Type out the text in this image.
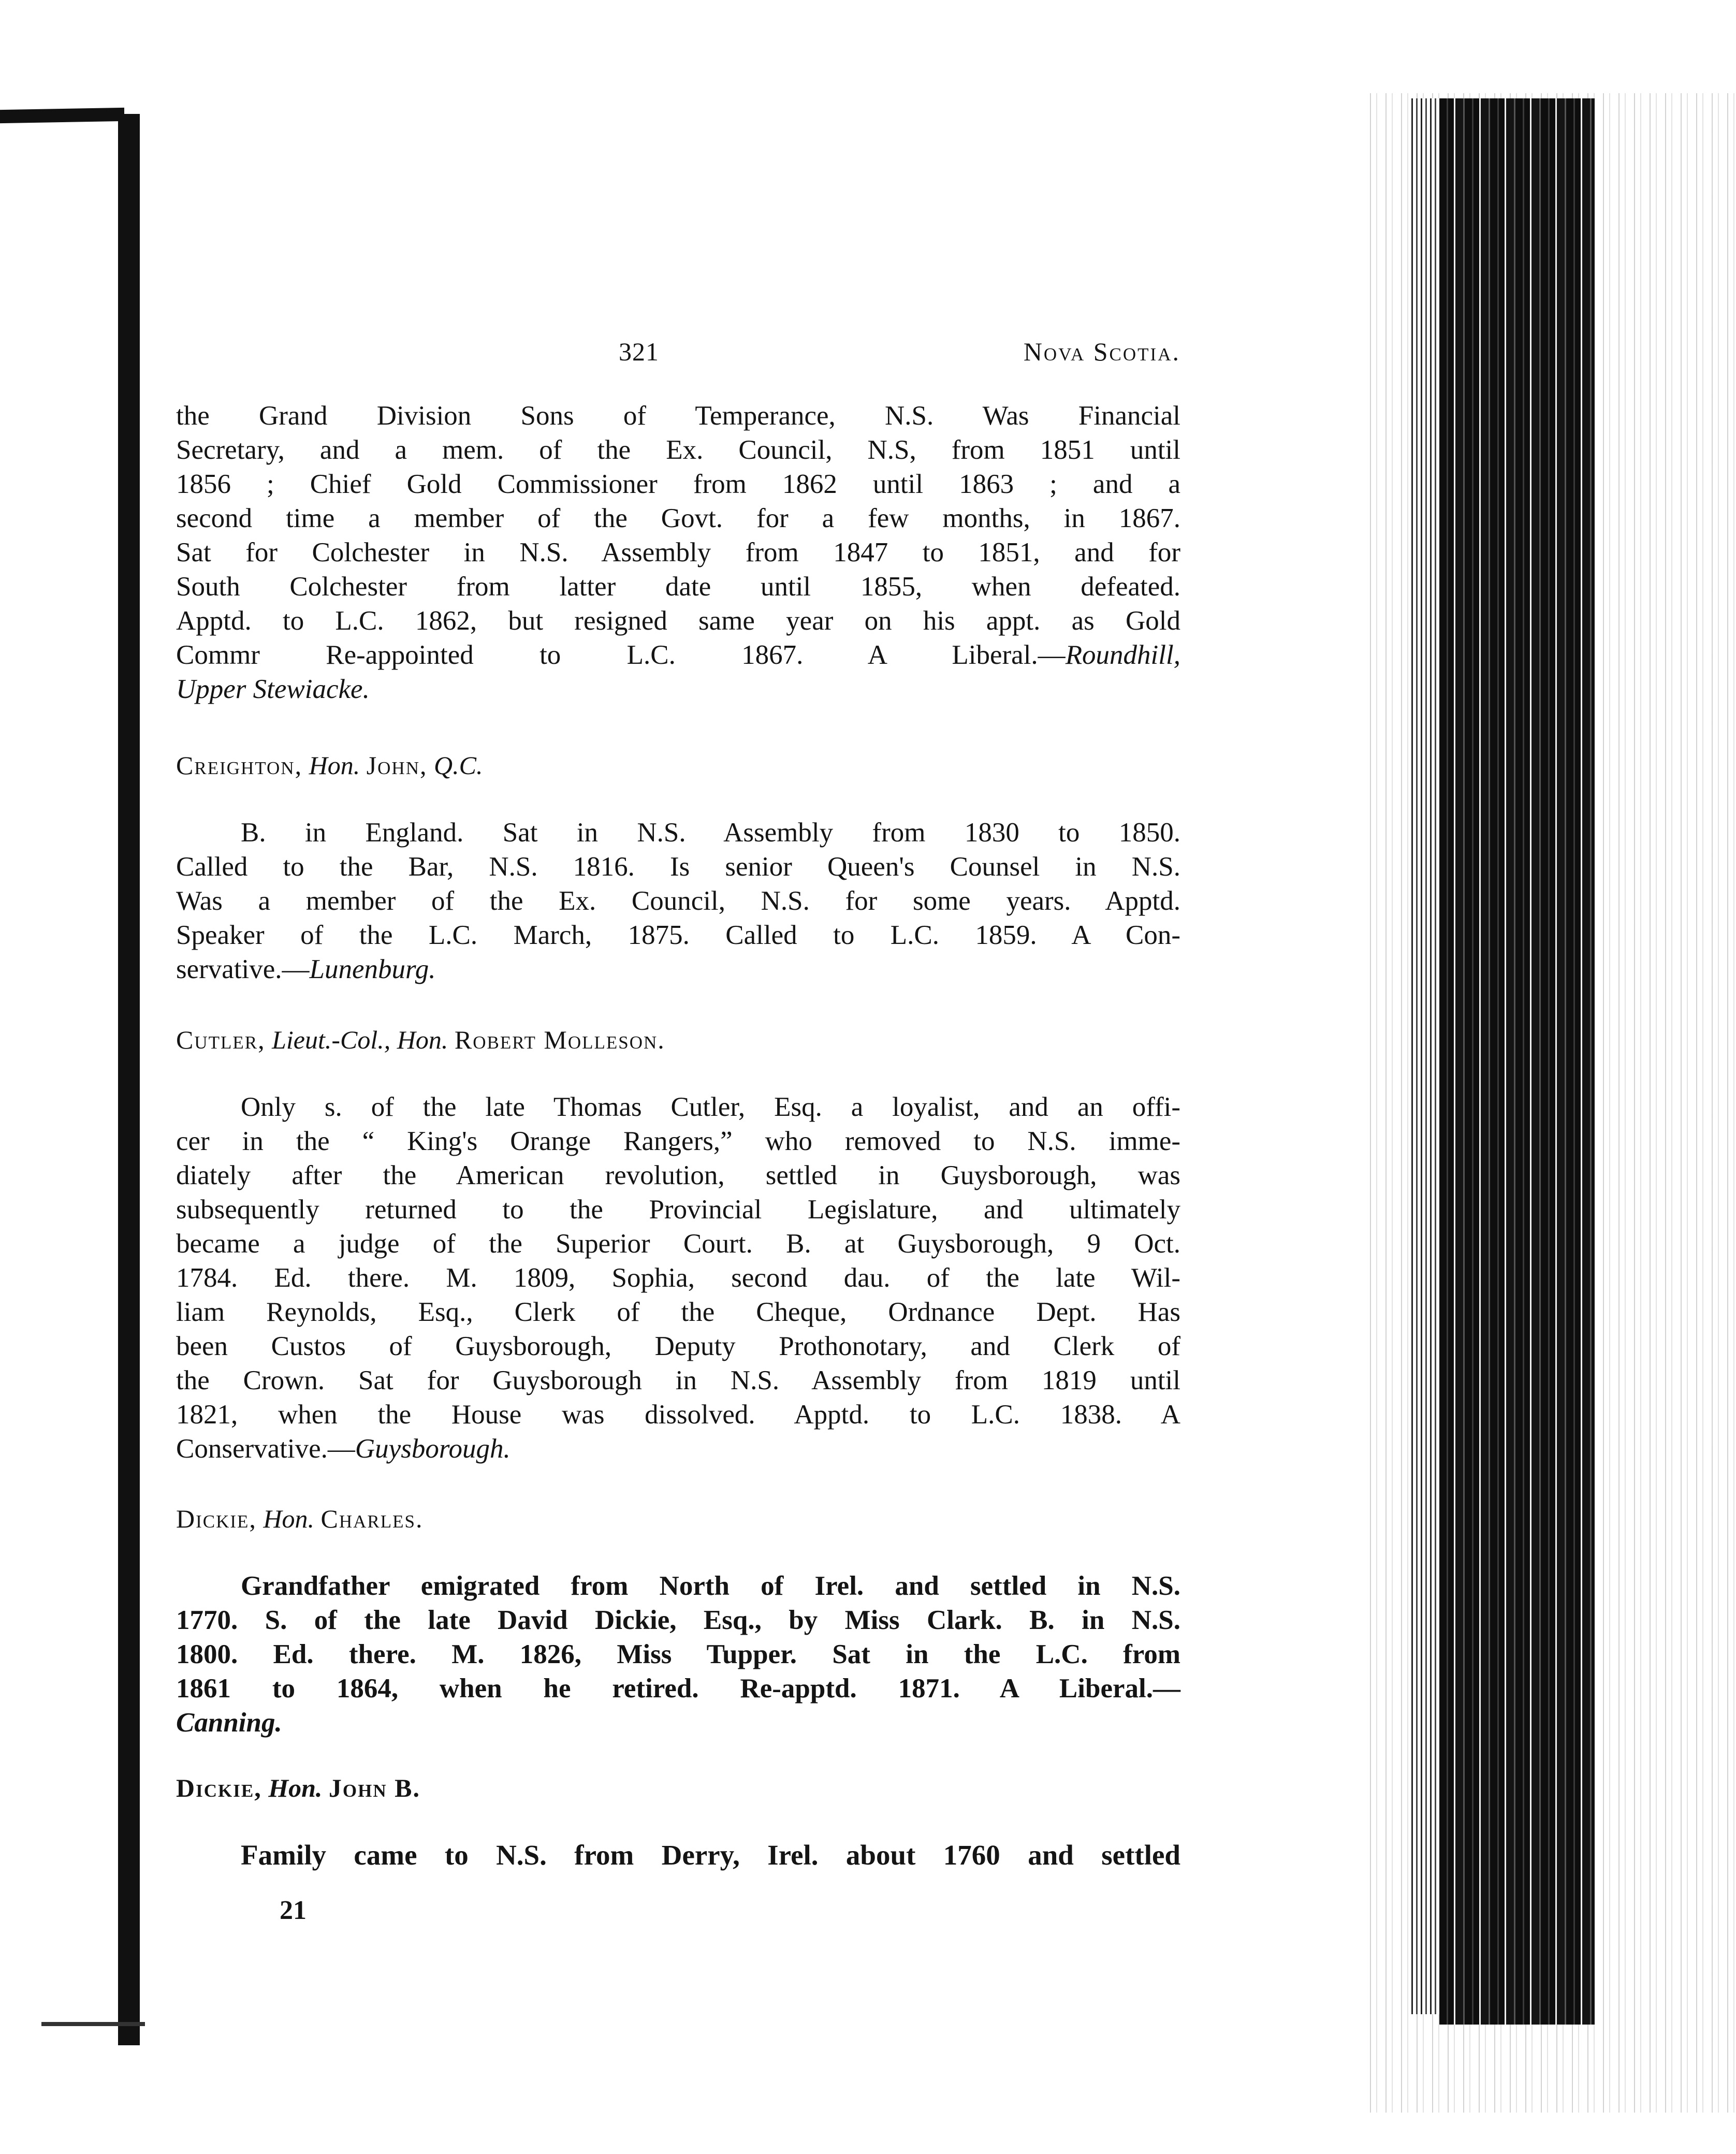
321	Nova Scotia.
the Grand Division Sons of Temperance, N.S. Was Financial
Secretary, and a mem. of the Ex. Council, N.S, from 1851 until
1856 ; Chief Gold Commissioner from 1862 until 1863 ; and a
second time a member of the Govt. for a few months, in 1867.
Sat for Colchester in N.S. Assembly from 1847 to 1851, and for
South Colchester from latter date until 1855, when defeated.
Apptd. to L.C. 1862, but resigned same year on his appt. as Gold
Commr Re-appointed to L.C. 1867. A Liberal.—Roundhill,
Upper Stewiacke.
Creighton, Hon. John, Q.C.
B. in England. Sat in N.S. Assembly from 1830 to 1850.
Called to the Bar, N.S. 1816. Is senior Queen's Counsel in N.S.
Was a member of the Ex. Council, N.S. for some years. Apptd.
Speaker of the L.C. March, 1875. Called to L.C. 1859. A Con-
servative.—Lunenburg.
Cutler, Lieut.-Col., Hon. Robert Molleson.
Only s. of the late Thomas Cutler, Esq. a loyalist, and an offi-
cer in the “ King's Orange Rangers,” who removed to N.S. imme-
diately after the American revolution, settled in Guysborough, was
subsequently returned to the Provincial Legislature, and ultimately
became a judge of the Superior Court. B. at Guysborough, 9 Oct.
1784. Ed. there. M. 1809, Sophia, second dau. of the late Wil-
liam Reynolds, Esq., Clerk of the Cheque, Ordnance Dept. Has
been Custos of Guysborough, Deputy Prothonotary, and Clerk of
the Crown. Sat for Guysborough in N.S. Assembly from 1819 until
1821, when the House was dissolved. Apptd. to L.C. 1838. A
Conservative.—Guysborough.
Dickie, Hon. Charles.
Grandfather emigrated from North of Irel. and settled in N.S.
1770. S. of the late David Dickie, Esq., by Miss Clark. B. in N.S.
1800. Ed. there. M. 1826, Miss Tupper. Sat in the L.C. from
1861 to 1864, when he retired. Re-apptd. 1871. A Liberal.—
Canning.
Dickie, Hon. John B.
Family came to N.S. from Derry, Irel. about 1760 and settled
21
